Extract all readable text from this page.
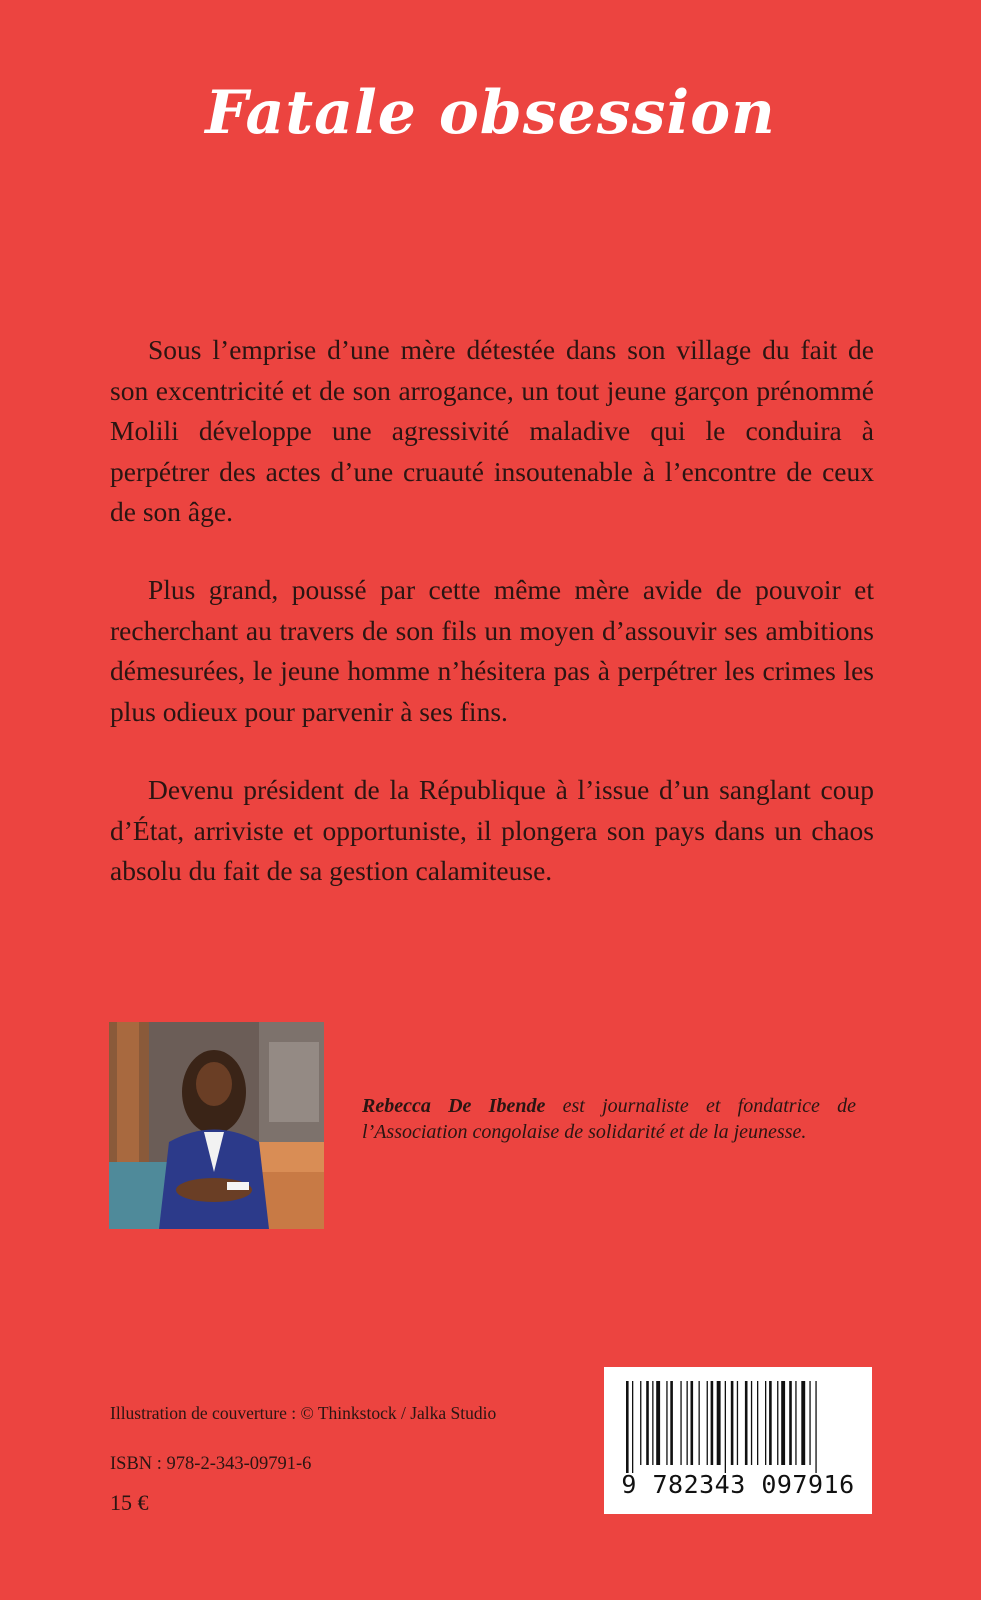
Fatale obsession

Sous l’emprise d’une mère détestée dans son village du fait de son excentricité et de son arrogance, un tout jeune garçon prénommé Molili développe une agressivité maladive qui le conduira à perpétrer des actes d’une cruauté insoutenable à l’encontre de ceux de son âge.

Plus grand, poussé par cette même mère avide de pouvoir et recherchant au travers de son fils un moyen d’assouvir ses ambitions démesurées, le jeune homme n’hésitera pas à perpétrer les crimes les plus odieux pour parvenir à ses fins.

Devenu président de la République à l’issue d’un sanglant coup d’État, arriviste et opportuniste, il plongera son pays dans un chaos absolu du fait de sa gestion calamiteuse.

Rebecca De Ibende est journaliste et fondatrice de l’Association congolaise de solidarité et de la jeunesse.
Illustration de couverture : © Thinkstock / Jalka Studio
ISBN : 978-2-343-09791-6
15 €
9 782343 097916
